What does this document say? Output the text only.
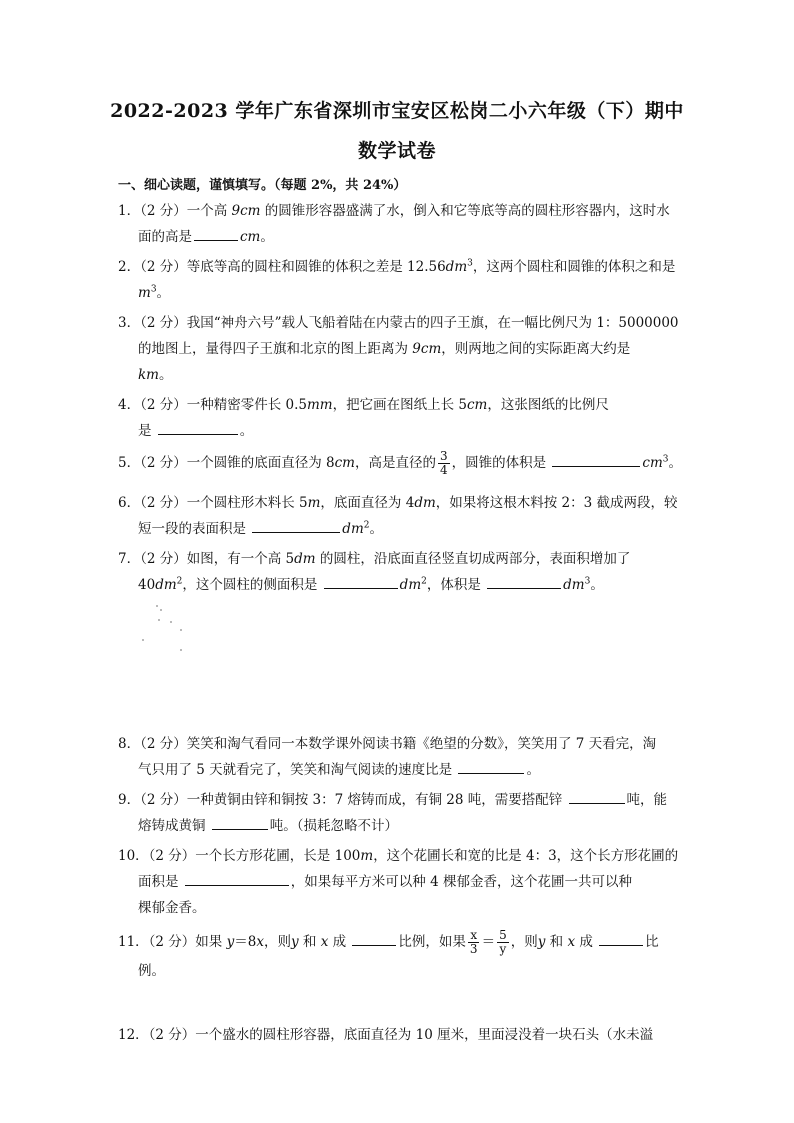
2022-2023 学年广东省深圳市宝安区松岗二小六年级（下）期中
数学试卷
一、细心读题，谨慎填写。（每题 2%，共 24%）
1．（2 分）一个高 9cm 的圆锥形容器盛满了水，倒入和它等底等高的圆柱形容器内，这时水
面的高是	cm。
2．（2 分）等底等高的圆柱和圆锥的体积之差是 $12.56dm^3$，这两个圆柱和圆锥的体积之和是
$m^3$。
3．（2 分）我国“神舟六号”载人飞船着陆在内蒙古的四子王旗，在一幅比例尺为 1：5000000
的地图上，量得四子王旗和北京的图上距离为 9cm，则两地之间的实际距离大约是
km。
4．（2 分）一种精密零件长 0.5mm，把它画在图纸上长 5cm，这张图纸的比例尺
是	。
5．（2 分）一个圆锥的底面直径为 8cm，高是直径的 $\frac{3}{4}$ ，圆锥的体积是	$cm^3$。
6．（2 分）一个圆柱形木料长 5m，底面直径为 4dm，如果将这根木料按 2：3 截成两段，较
短一段的表面积是	$dm^2$。
7．（2 分）如图，有一个高 5dm 的圆柱，沿底面直径竖直切成两部分，表面积增加了
$40dm^2$，这个圆柱的侧面积是	$dm^2$，体积是	$dm^3$。
8．（2 分）笑笑和淘气看同一本数学课外阅读书籍《绝望的分数》，笑笑用了 7 天看完，淘
气只用了 5 天就看完了，笑笑和淘气阅读的速度比是	。
9．（2 分）一种黄铜由锌和铜按 3：7 熔铸而成，有铜 28 吨，需要搭配锌	吨，能
熔铸成黄铜	吨。（损耗忽略不计）
10．（2 分）一个长方形花圃，长是 100m，这个花圃长和宽的比是 4：3，这个长方形花圃的
面积是	，如果每平方米可以种 4 棵郁金香，这个花圃一共可以种
棵郁金香。
11．（2 分）如果 y＝8x，则y 和 x 成	比例，如果 $\frac{x}{3} = \frac{5}{y}$ ，则y 和 x 成	比
例。
12．（2 分）一个盛水的圆柱形容器，底面直径为 10 厘米，里面浸没着一块石头（水未溢
